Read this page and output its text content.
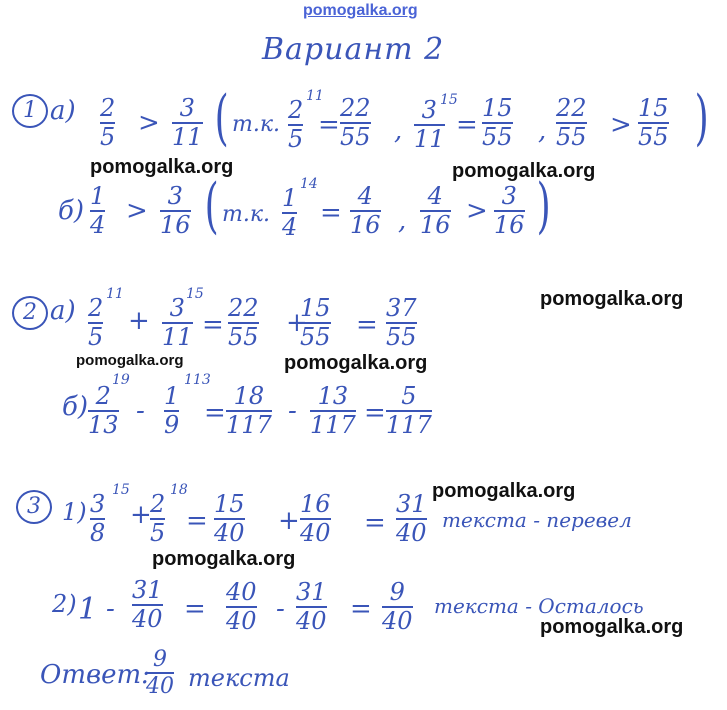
pomogalka.org
Вариант 2
1 а) 2
5 > 3
11 ( т.к.
2
5
11
=
22
55 ,
3
11
15
=
15
55 ,
22
55 >
15
55 )
pomogalka.org	pomogalka.org
б) 1
4 > 3
16 ( т.к.
1
4
14
=
4
16 ,
4
16 > 3
16 )
2 а)	pomogalka.org
2
5
11
+ 3
11
15
=
22
55 +
15
55 =
37
55
pomogalka.org	pomogalka.org
б) 2
13
19
- 1
9
113
=
18
117 - 13
117 =
5
117
3 1)
pomogalka.org
3
8
15
+
2
5
18
=
15
40 +
16
40 =
31
40 текста - перевел
pomogalka.org
2) 1 -
31
40 =
40
40 -
31
40 =
9
40
текста - Осталось
pomogalka.org
Ответ:
9
40 текста
